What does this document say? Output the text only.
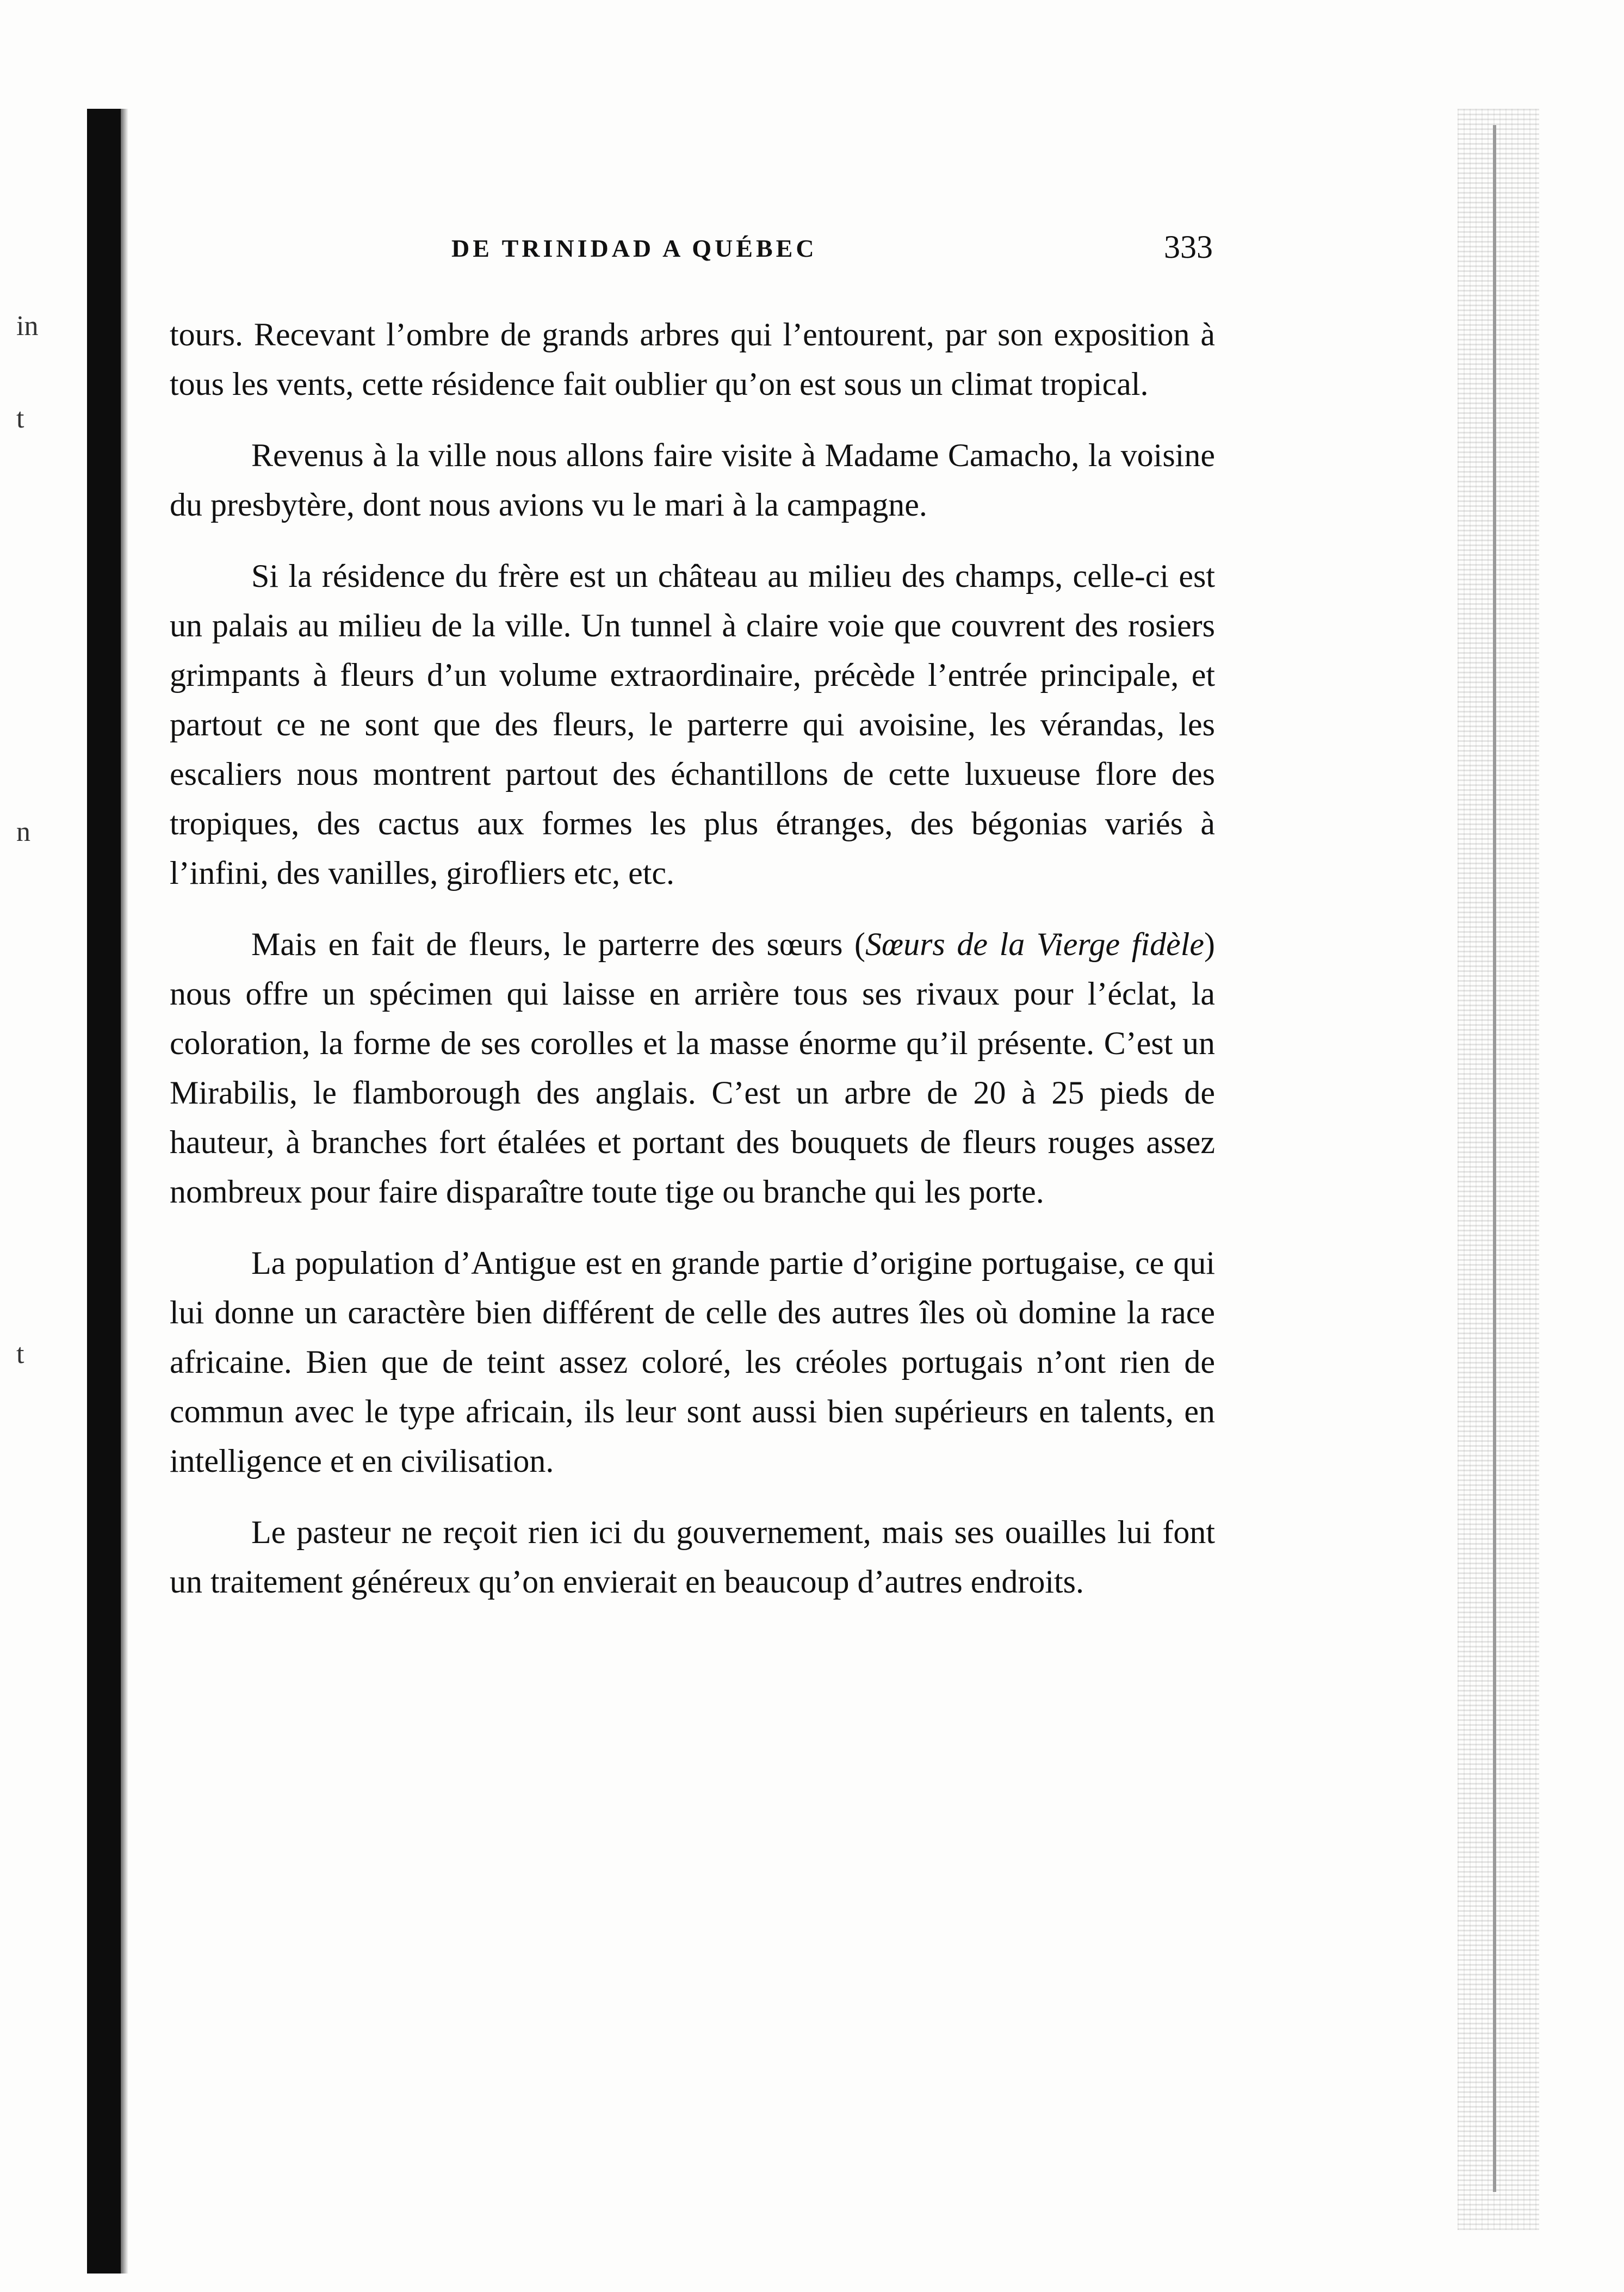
in
t
n
t
DE TRINIDAD A QUÉBEC	333

tours. Recevant l’ombre de grands arbres qui l’entourent, par son exposition à tous les vents, cette résidence fait oublier qu’on est sous un climat tropical.

Revenus à la ville nous allons faire visite à Madame Camacho, la voisine du presbytère, dont nous avions vu le mari à la campagne.

Si la résidence du frère est un château au milieu des champs, celle-ci est un palais au milieu de la ville. Un tunnel à claire voie que couvrent des rosiers grimpants à fleurs d’un volume extraordinaire, précède l’entrée principale, et partout ce ne sont que des fleurs, le parterre qui avoisine, les vérandas, les escaliers nous montrent partout des échantillons de cette luxueuse flore des tropiques, des cactus aux formes les plus étranges, des bégonias variés à l’infini, des vanilles, girofliers etc, etc.

Mais en fait de fleurs, le parterre des sœurs (Sœurs de la Vierge fidèle) nous offre un spécimen qui laisse en arrière tous ses rivaux pour l’éclat, la coloration, la forme de ses corolles et la masse énorme qu’il présente. C’est un Mirabilis, le flamborough des anglais. C’est un arbre de 20 à 25 pieds de hauteur, à branches fort étalées et portant des bouquets de fleurs rouges assez nombreux pour faire disparaître toute tige ou branche qui les porte.

La population d’Antigue est en grande partie d’origine portugaise, ce qui lui donne un caractère bien différent de celle des autres îles où domine la race africaine. Bien que de teint assez coloré, les créoles portugais n’ont rien de commun avec le type africain, ils leur sont aussi bien supérieurs en talents, en intelligence et en civilisation.

Le pasteur ne reçoit rien ici du gouvernement, mais ses ouailles lui font un traitement généreux qu’on envierait en beaucoup d’autres endroits.
